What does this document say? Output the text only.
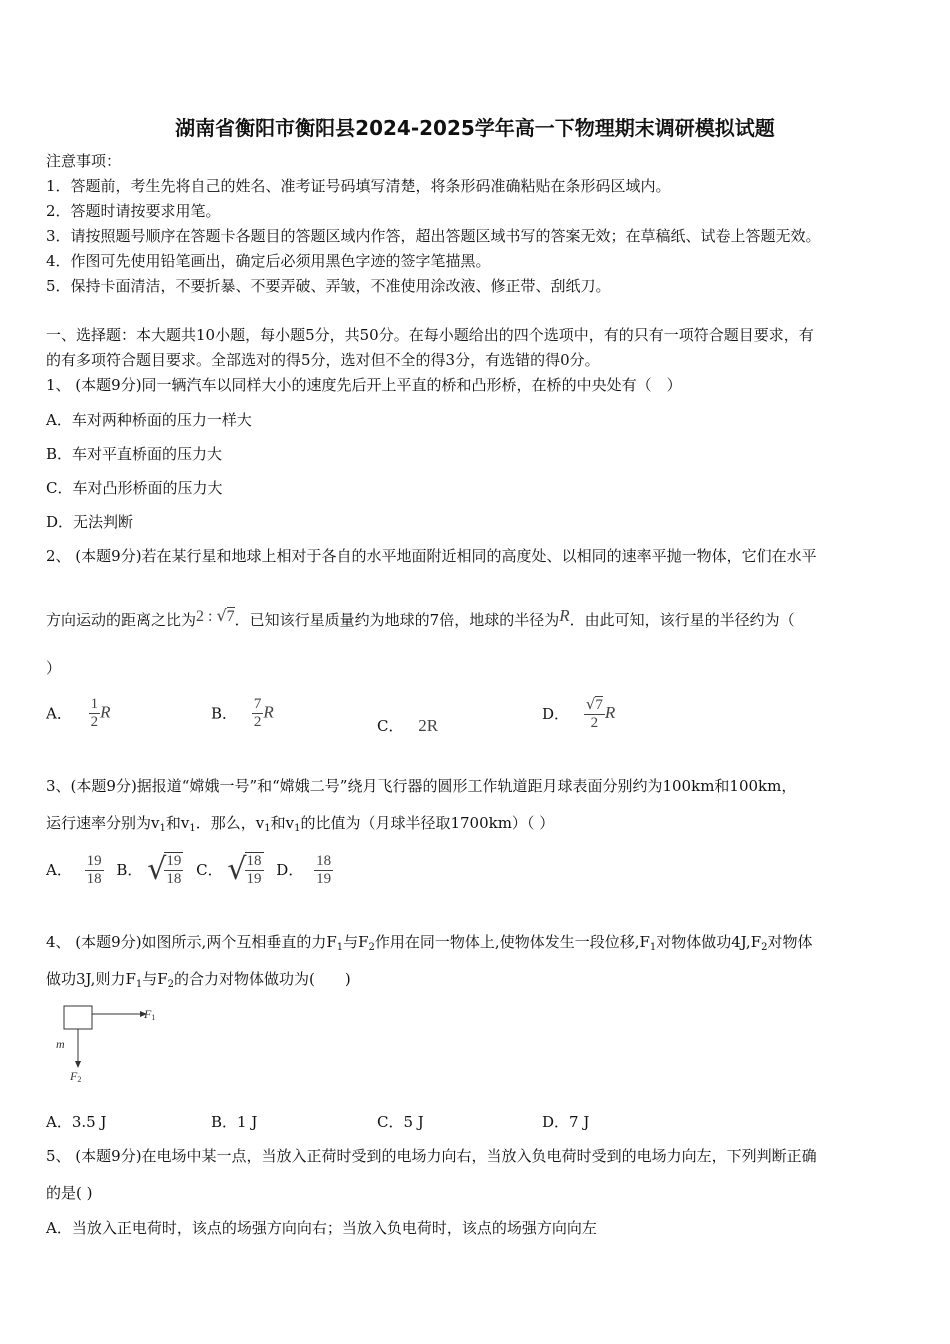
湖南省衡阳市衡阳县2024-2025学年高一下物理期末调研模拟试题
注意事项：
1．答题前，考生先将自己的姓名、准考证号码填写清楚，将条形码准确粘贴在条形码区域内。
2．答题时请按要求用笔。
3．请按照题号顺序在答题卡各题目的答题区域内作答，超出答题区域书写的答案无效；在草稿纸、试卷上答题无效。
4．作图可先使用铅笔画出，确定后必须用黑色字迹的签字笔描黑。
5．保持卡面清洁，不要折暴、不要弄破、弄皱，不准使用涂改液、修正带、刮纸刀。
一、选择题：本大题共10小题，每小题5分，共50分。在每小题给出的四个选项中，有的只有一项符合题目要求，有
的有多项符合题目要求。全部选对的得5分，选对但不全的得3分，有选错的得0分。
1、 (本题9分)同一辆汽车以同样大小的速度先后开上平直的桥和凸形桥，在桥的中央处有（　）
A．车对两种桥面的压力一样大
B．车对平直桥面的压力大
C．车对凸形桥面的压力大
D．无法判断
2、 (本题9分)若在某行星和地球上相对于各自的水平地面附近相同的高度处、以相同的速率平抛一物体，它们在水平
方向运动的距离之比为2 : √7．已知该行星质量约为地球的7倍，地球的半径为R．由此可知，该行星的半径约为（
）
A． $\frac{1}{2}$ R	B． $\frac{7}{2}$ R
C． 2R
D． $\frac{√7}{2}$ R
3、(本题9分)据报道“嫦娥一号”和“嫦娥二号”绕月飞行器的圆形工作轨道距月球表面分别约为100km和100km，
运行速率分别为$v_1$和$v_1$．那么，$v_1$和$v_1$的比值为（月球半径取1700km）（ ）
A． $\frac{19}{18}$ B． √
$\frac{19}{18}$ C． √
$\frac{18}{19}$ D． $\frac{18}{19}$
4、 (本题9分)如图所示,两个互相垂直的力$F_1$与$F_2$作用在同一物体上,使物体发生一段位移$,F_1$对物体做功$4J,F_2$对物体
做功3J,则力$F_1$与$F_2$的合力对物体做功为(　　)
F1
m
F2
A．3.5 J	B．1 J	C．5 J	D．7 J
5、 (本题9分)在电场中某一点，当放入正荷时受到的电场力向右，当放入负电荷时受到的电场力向左，下列判断正确
的是( )
A．当放入正电荷时，该点的场强方向向右；当放入负电荷时，该点的场强方向向左
